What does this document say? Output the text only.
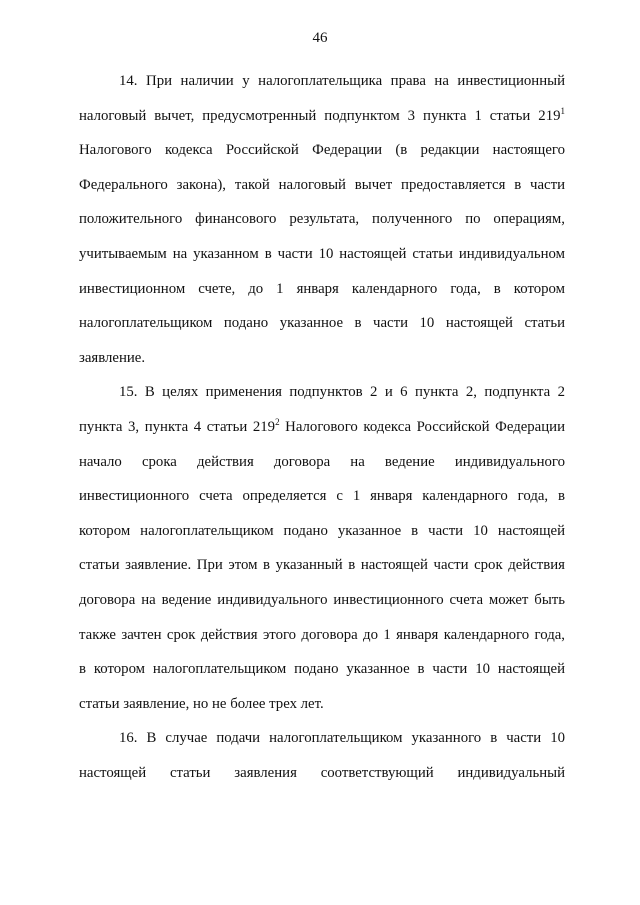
46
14. При наличии у налогоплательщика права на инвестиционный
налоговый вычет, предусмотренный подпунктом 3 пункта 1 статьи $219^1$
Налогового кодекса Российской Федерации (в редакции настоящего
Федерального закона), такой налоговый вычет предоставляется в части
положительного финансового результата, полученного по операциям,
учитываемым на указанном в части 10 настоящей статьи индивидуальном
инвестиционном счете, до 1 января календарного года, в котором
налогоплательщиком подано указанное в части 10 настоящей статьи
заявление.
15. В целях применения подпунктов 2 и 6 пункта 2, подпункта 2
пункта 3, пункта 4 статьи $219^2$ Налогового кодекса Российской Федерации
начало срока действия договора на ведение индивидуального
инвестиционного счета определяется с 1 января календарного года, в
котором налогоплательщиком подано указанное в части 10 настоящей
статьи заявление. При этом в указанный в настоящей части срок действия
договора на ведение индивидуального инвестиционного счета может быть
также зачтен срок действия этого договора до 1 января календарного года,
в котором налогоплательщиком подано указанное в части 10 настоящей
статьи заявление, но не более трех лет.
16. В случае подачи налогоплательщиком указанного в части 10
настоящей статьи заявления соответствующий индивидуальный
